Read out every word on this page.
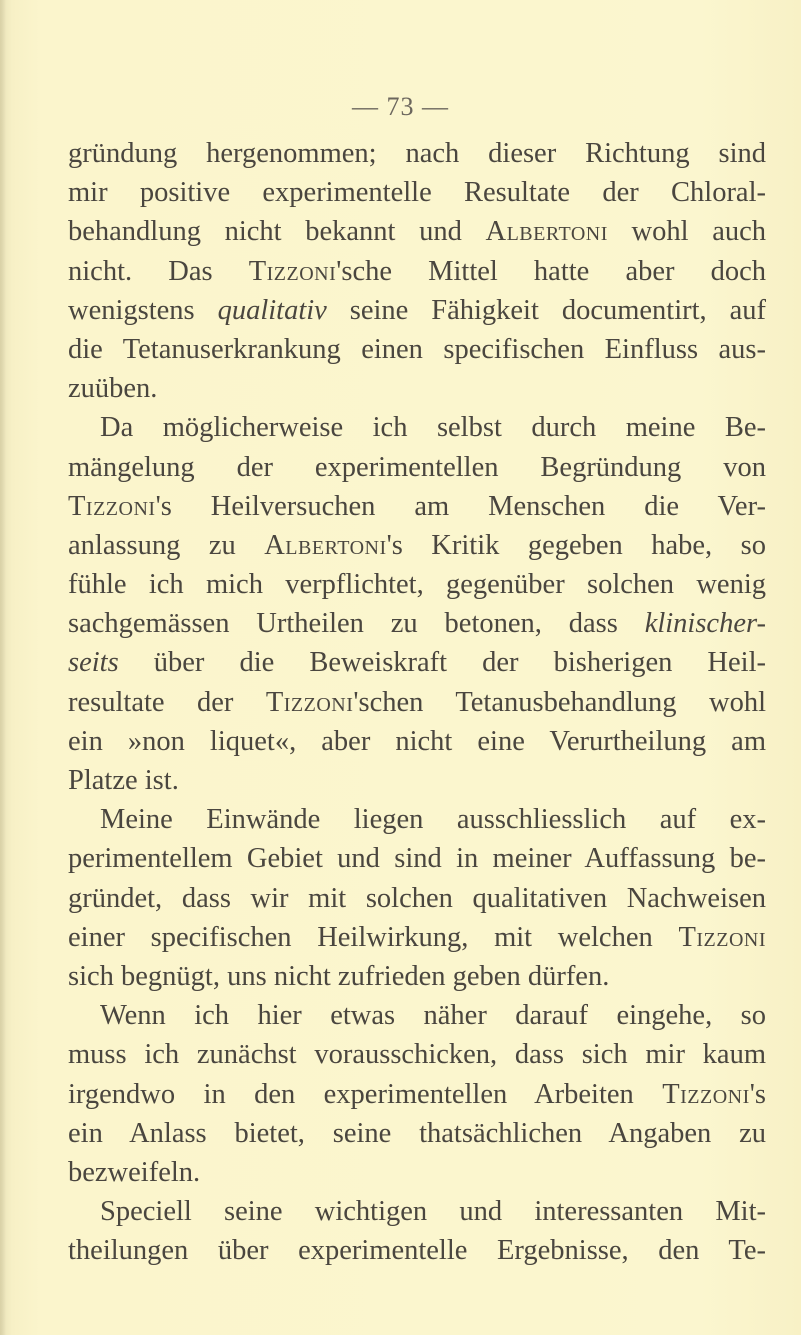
— 73 —
gründung hergenommen; nach dieser Richtung sind
mir positive experimentelle Resultate der Chloral-
behandlung nicht bekannt und Albertoni wohl auch
nicht. Das Tizzoni'sche Mittel hatte aber doch
wenigstens qualitativ seine Fähigkeit documentirt, auf
die Tetanuserkrankung einen specifischen Einfluss aus-
zuüben.
Da möglicherweise ich selbst durch meine Be-
mängelung der experimentellen Begründung von
Tizzoni's Heilversuchen am Menschen die Ver-
anlassung zu Albertoni's Kritik gegeben habe, so
fühle ich mich verpflichtet, gegenüber solchen wenig
sachgemässen Urtheilen zu betonen, dass klinischer-
seits über die Beweiskraft der bisherigen Heil-
resultate der Tizzoni'schen Tetanusbehandlung wohl
ein »non liquet«, aber nicht eine Verurtheilung am
Platze ist.
Meine Einwände liegen ausschliesslich auf ex-
perimentellem Gebiet und sind in meiner Auffassung be-
gründet, dass wir mit solchen qualitativen Nachweisen
einer specifischen Heilwirkung, mit welchen Tizzoni
sich begnügt, uns nicht zufrieden geben dürfen.
Wenn ich hier etwas näher darauf eingehe, so
muss ich zunächst vorausschicken, dass sich mir kaum
irgendwo in den experimentellen Arbeiten Tizzoni's
ein Anlass bietet, seine thatsächlichen Angaben zu
bezweifeln.
Speciell seine wichtigen und interessanten Mit-
theilungen über experimentelle Ergebnisse, den Te-
